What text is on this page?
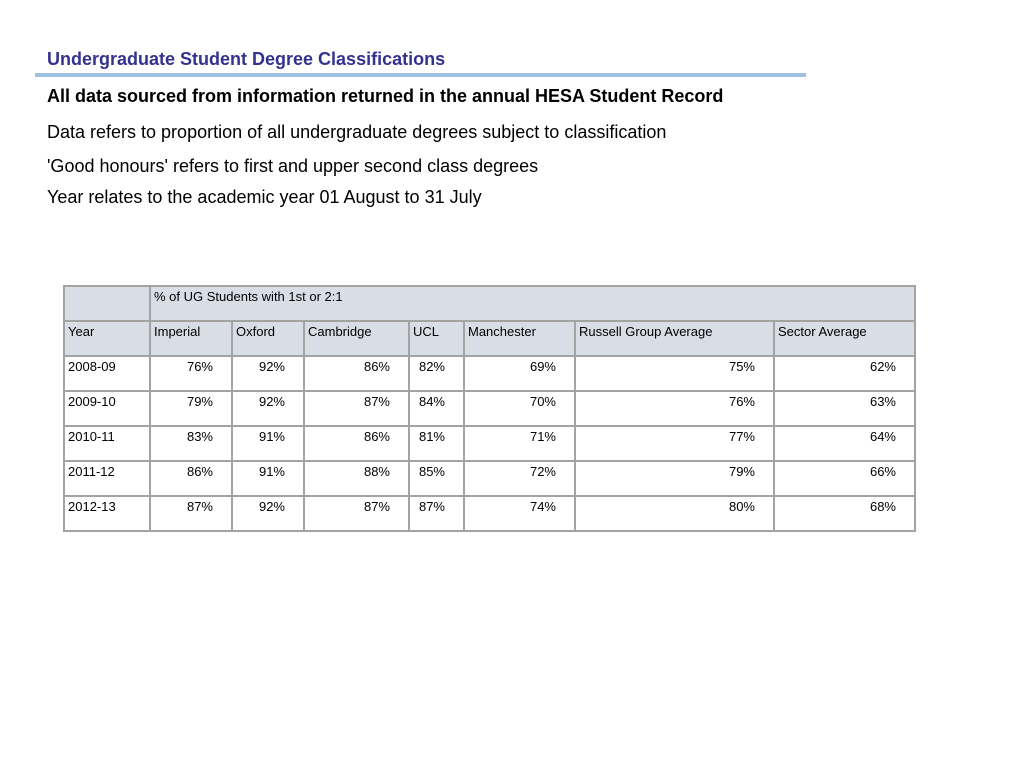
Undergraduate Student Degree Classifications
All data sourced from information returned in the annual HESA Student Record
Data refers to proportion of all undergraduate degrees subject to classification
'Good honours' refers to first and upper second class degrees
Year relates to the academic year 01 August to 31 July
	% of UG Students with 1st or 2:1						
Year	Imperial	Oxford	Cambridge	UCL	Manchester	Russell Group Average	Sector Average
2008-09	76%	92%	86%	82%	69%	75%	62%
2009-10	79%	92%	87%	84%	70%	76%	63%
2010-11	83%	91%	86%	81%	71%	77%	64%
2011-12	86%	91%	88%	85%	72%	79%	66%
2012-13	87%	92%	87%	87%	74%	80%	68%
